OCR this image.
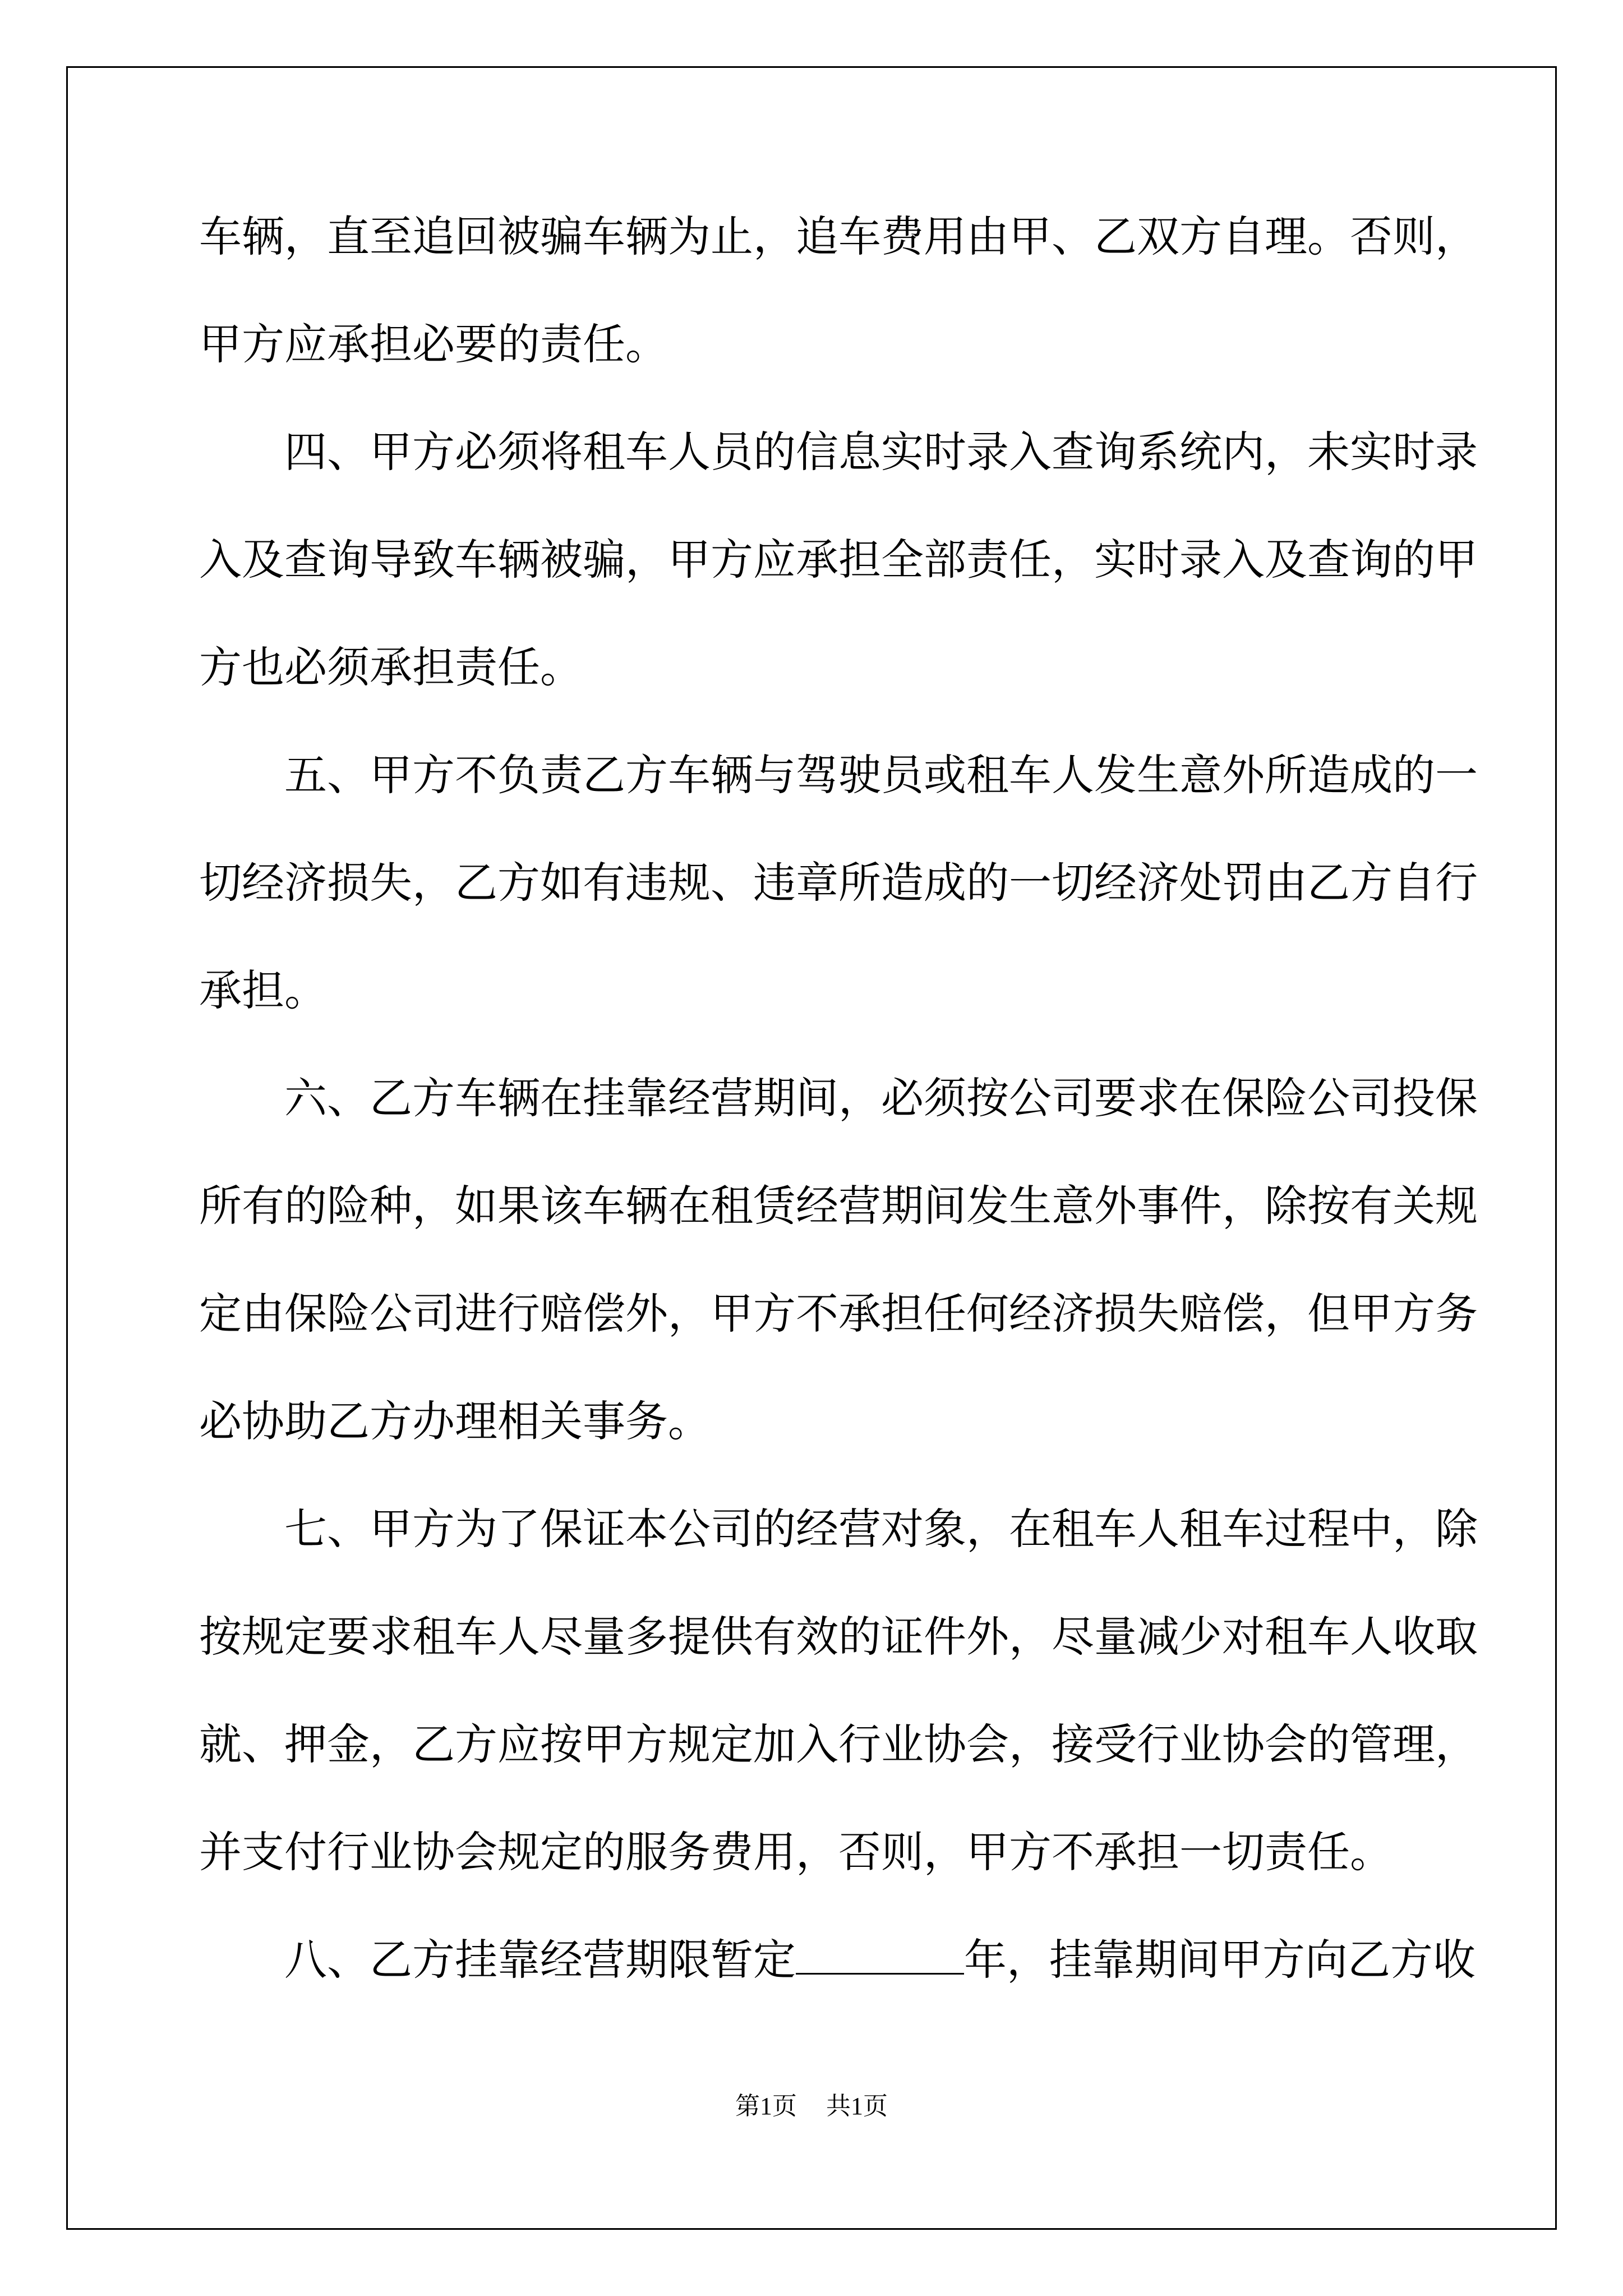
车辆，直至追回被骗车辆为止，追车费用由甲、乙双方自理。否则，
甲方应承担必要的责任。
四、甲方必须将租车人员的信息实时录入查询系统内，未实时录
入及查询导致车辆被骗，甲方应承担全部责任，实时录入及查询的甲
方也必须承担责任。
五、甲方不负责乙方车辆与驾驶员或租车人发生意外所造成的一
切经济损失，乙方如有违规、违章所造成的一切经济处罚由乙方自行
承担。
六、乙方车辆在挂靠经营期间，必须按公司要求在保险公司投保
所有的险种，如果该车辆在租赁经营期间发生意外事件，除按有关规
定由保险公司进行赔偿外，甲方不承担任何经济损失赔偿，但甲方务
必协助乙方办理相关事务。
七、甲方为了保证本公司的经营对象，在租车人租车过程中，除
按规定要求租车人尽量多提供有效的证件外，尽量减少对租车人收取
就、押金，乙方应按甲方规定加入行业协会，接受行业协会的管理，
并支付行业协会规定的服务费用，否则，甲方不承担一切责任。
八、乙方挂靠经营期限暂定	年，挂靠期间甲方向乙方收
第1页 共1页
